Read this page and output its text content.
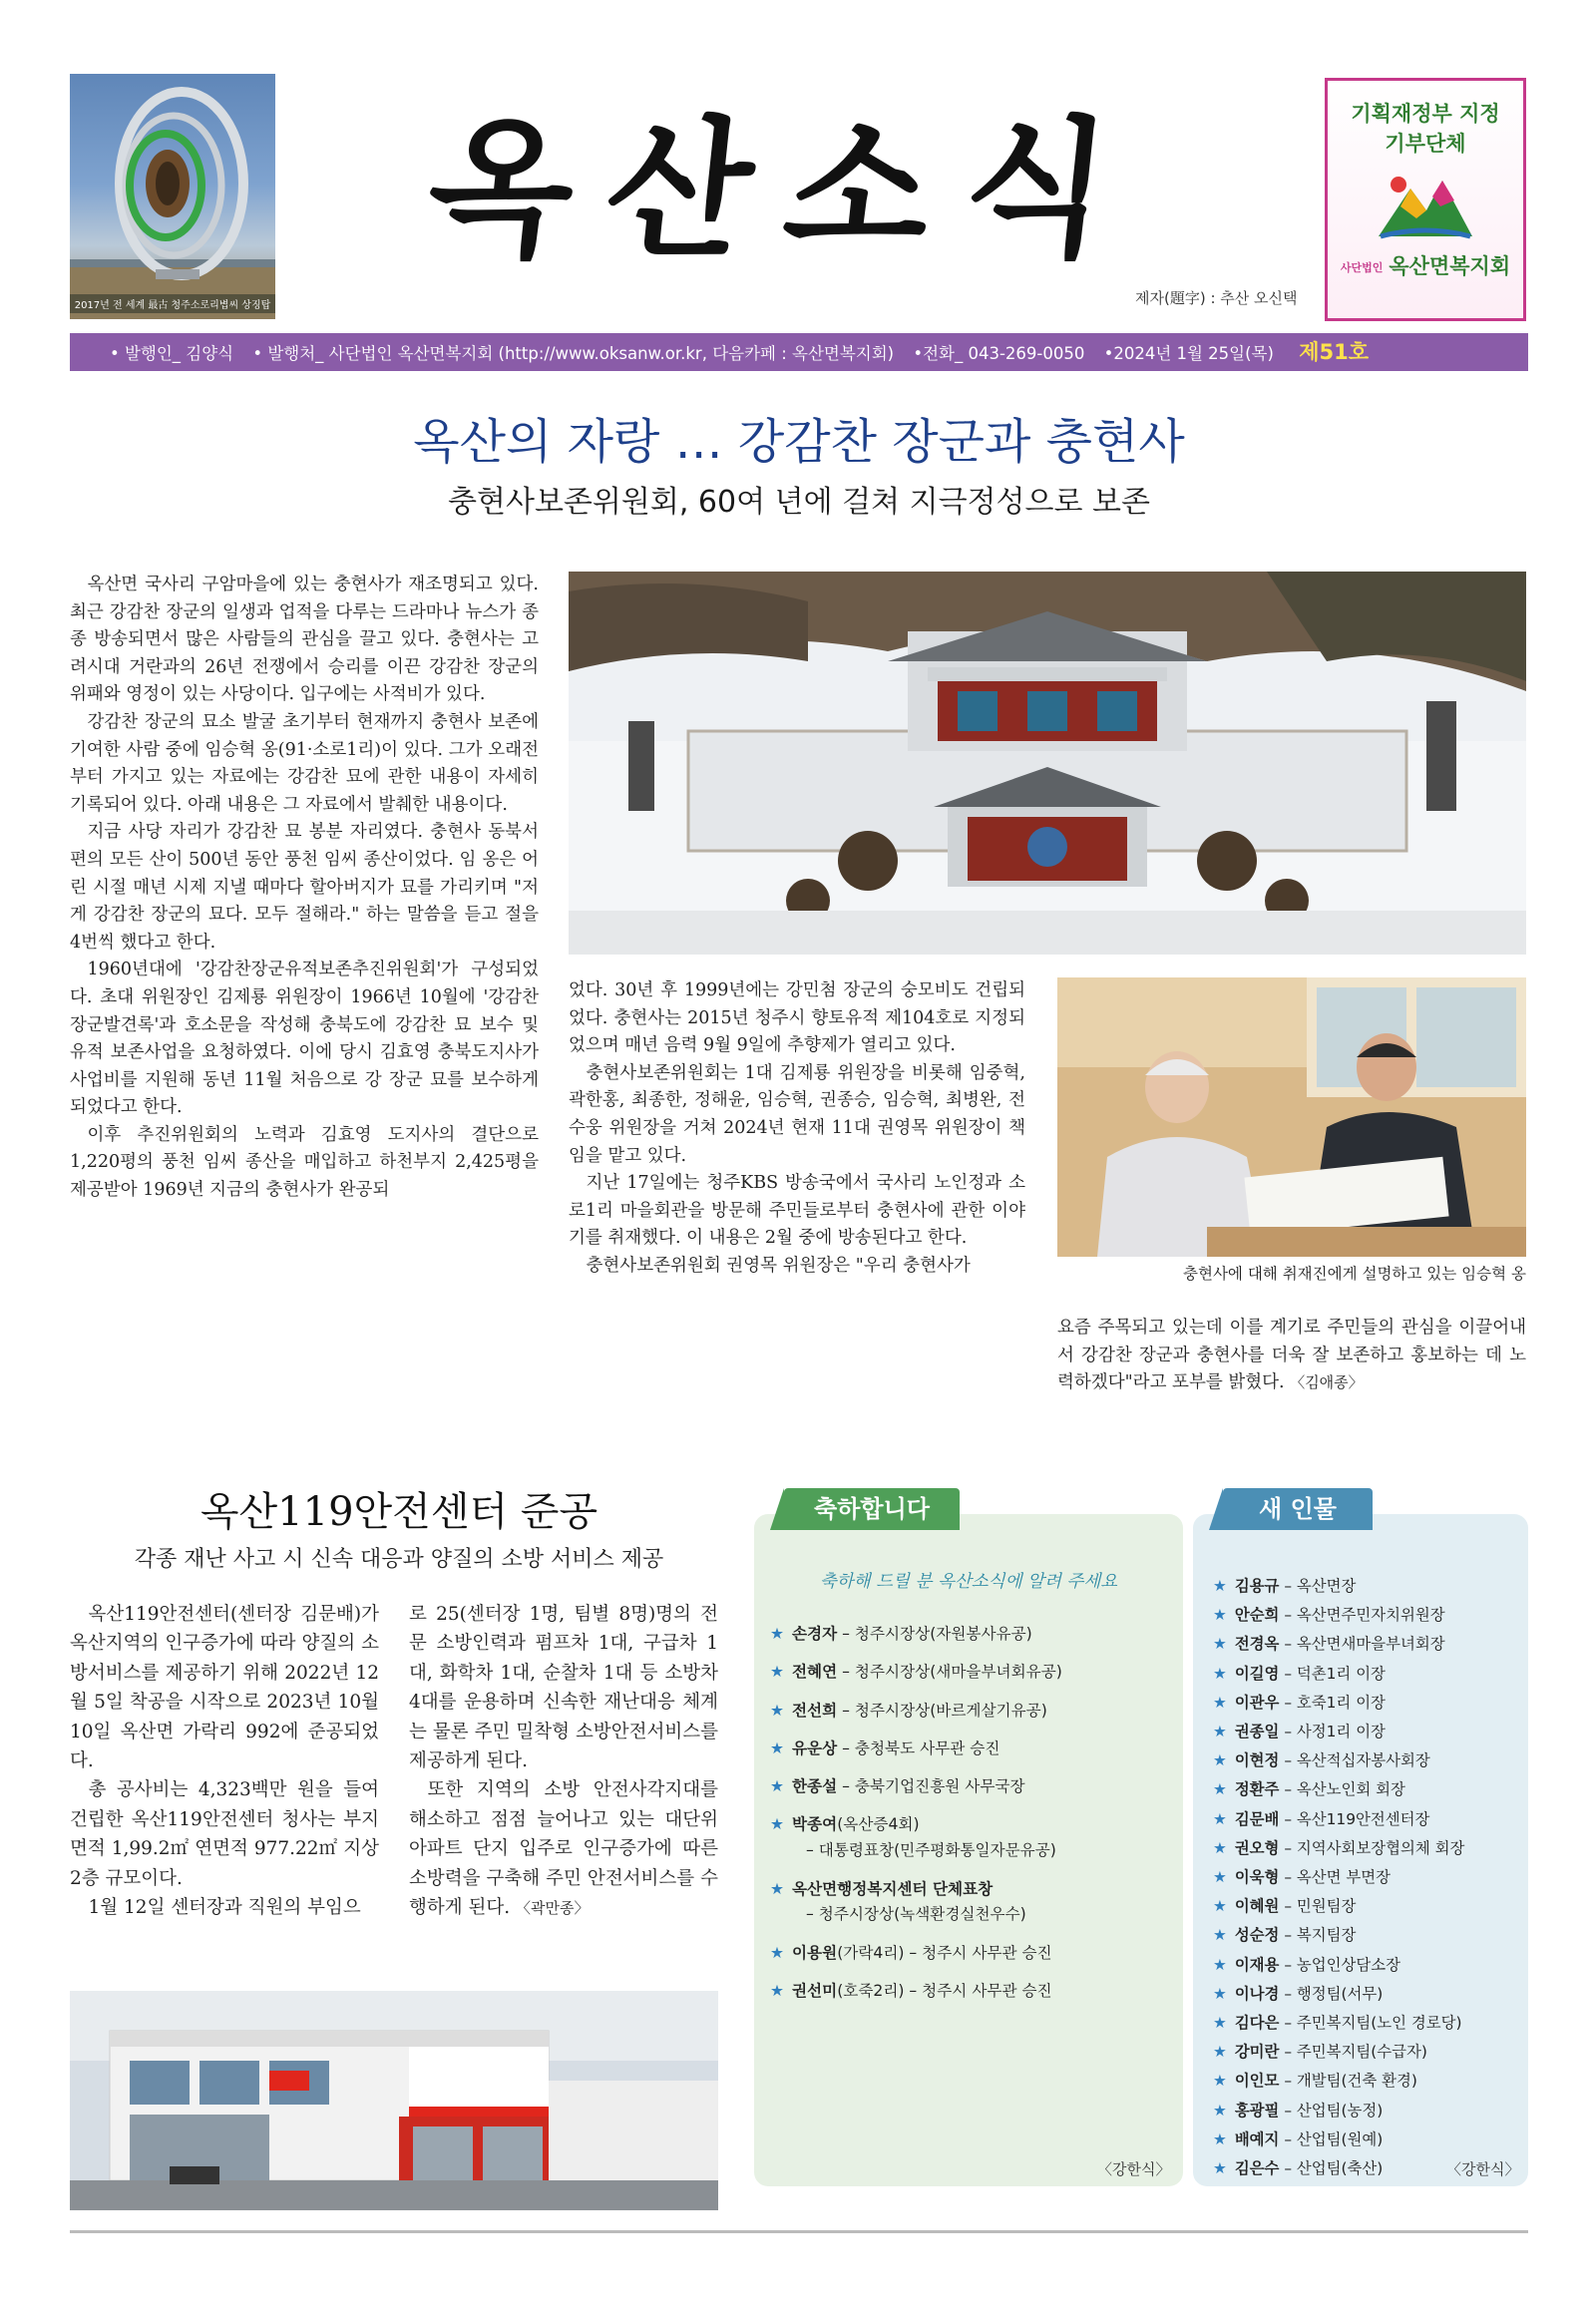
2017년 전 세계 最古 청주소로리볍씨 상징탑
옥산소식
제자(題字) : 추산 오신택
기획재정부 지정
기부단체
사단법인 옥산면복지회
• 발행인_ 김양식 • 발행처_ 사단법인 옥산면복지회 (http://www.oksanw.or.kr, 다음카페 : 옥산면복지회) •전화_ 043-269-0050 •2024년 1월 25일(목) 제51호
옥산의 자랑 … 강감찬 장군과 충현사
충현사보존위원회, 60여 년에 걸쳐 지극정성으로 보존

옥산면 국사리 구암마을에 있는 충현사가 재조명되고 있다. 최근 강감찬 장군의 일생과 업적을 다루는 드라마나 뉴스가 종종 방송되면서 많은 사람들의 관심을 끌고 있다. 충현사는 고려시대 거란과의 26년 전쟁에서 승리를 이끈 강감찬 장군의 위패와 영정이 있는 사당이다. 입구에는 사적비가 있다.

강감찬 장군의 묘소 발굴 초기부터 현재까지 충현사 보존에 기여한 사람 중에 임승혁 옹(91·소로1리)이 있다. 그가 오래전부터 가지고 있는 자료에는 강감찬 묘에 관한 내용이 자세히 기록되어 있다. 아래 내용은 그 자료에서 발췌한 내용이다.

지금 사당 자리가 강감찬 묘 봉분 자리였다. 충현사 동북서편의 모든 산이 500년 동안 풍천 임씨 종산이었다. 임 옹은 어린 시절 매년 시제 지낼 때마다 할아버지가 묘를 가리키며 "저게 강감찬 장군의 묘다. 모두 절해라." 하는 말씀을 듣고 절을 4번씩 했다고 한다.

1960년대에 '강감찬장군유적보존추진위원회'가 구성되었다. 초대 위원장인 김제룡 위원장이 1966년 10월에 '강감찬장군발견록'과 호소문을 작성해 충북도에 강감찬 묘 보수 및 유적 보존사업을 요청하였다. 이에 당시 김효영 충북도지사가 사업비를 지원해 동년 11월 처음으로 강 장군 묘를 보수하게 되었다고 한다.

이후 추진위원회의 노력과 김효영 도지사의 결단으로 1,220평의 풍천 임씨 종산을 매입하고 하천부지 2,425평을 제공받아 1969년 지금의 충현사가 완공되

었다. 30년 후 1999년에는 강민첨 장군의 숭모비도 건립되었다. 충현사는 2015년 청주시 향토유적 제104호로 지정되었으며 매년 음력 9월 9일에 추향제가 열리고 있다.

충현사보존위원회는 1대 김제룡 위원장을 비롯해 임중혁, 곽한홍, 최종한, 정해윤, 임승혁, 권종승, 임승혁, 최병완, 전수웅 위원장을 거쳐 2024년 현재 11대 권영목 위원장이 책임을 맡고 있다.

지난 17일에는 청주KBS 방송국에서 국사리 노인정과 소로1리 마을회관을 방문해 주민들로부터 충현사에 관한 이야기를 취재했다. 이 내용은 2월 중에 방송된다고 한다.

충현사보존위원회 권영목 위원장은 "우리 충현사가	충현사에 대해 취재진에게 설명하고 있는 임승혁 옹

요즘 주목되고 있는데 이를 계기로 주민들의 관심을 이끌어내서 강감찬 장군과 충현사를 더욱 잘 보존하고 홍보하는 데 노력하겠다"라고 포부를 밝혔다. 〈김애종〉

옥산119안전센터 준공
각종 재난 사고 시 신속 대응과 양질의 소방 서비스 제공

옥산119안전센터(센터장 김문배)가 옥산지역의 인구증가에 따라 양질의 소방서비스를 제공하기 위해 2022년 12월 5일 착공을 시작으로 2023년 10월 10일 옥산면 가락리 992에 준공되었다.

총 공사비는 4,323백만 원을 들여 건립한 옥산119안전센터 청사는 부지면적 1,99.2㎡ 연면적 977.22㎡ 지상2층 규모이다.

1월 12일 센터장과 직원의 부임으

로 25(센터장 1명, 팀별 8명)명의 전문 소방인력과 펌프차 1대, 구급차 1대, 화학차 1대, 순찰차 1대 등 소방차 4대를 운용하며 신속한 재난대응 체계는 물론 주민 밀착형 소방안전서비스를 제공하게 된다.

또한 지역의 소방 안전사각지대를 해소하고 점점 늘어나고 있는 대단위 아파트 단지 입주로 인구증가에 따른 소방력을 구축해 주민 안전서비스를 수행하게 된다. 〈곽만종〉

축하합니다
축하해 드릴 분 옥산소식에 알려 주세요
★ 손경자 – 청주시장상(자원봉사유공)
★ 전혜연 – 청주시장상(새마을부녀회유공)
★ 전선희 – 청주시장상(바르게살기유공)
★ 유운상 – 충청북도 사무관 승진
★ 한종설 – 충북기업진흥원 사무국장
★ 박종여(옥산증4회)
– 대통령표창(민주평화통일자문유공)
★ 옥산면행정복지센터 단체표창
– 청주시장상(녹색환경실천우수)
★ 이용원(가락4리) – 청주시 사무관 승진
★ 권선미(호죽2리) – 청주시 사무관 승진
〈강한식〉
새 인물
★ 김용규 – 옥산면장
★ 안순희 – 옥산면주민자치위원장
★ 전경옥 – 옥산면새마을부녀회장
★ 이길영 – 덕촌1리 이장
★ 이관우 – 호죽1리 이장
★ 권종일 – 사정1리 이장
★ 이현정 – 옥산적십자봉사회장
★ 정환주 – 옥산노인회 회장
★ 김문배 – 옥산119안전센터장
★ 권오형 – 지역사회보장협의체 회장
★ 이욱형 – 옥산면 부면장
★ 이혜원 – 민원팀장
★ 성순정 – 복지팀장
★ 이재용 – 농업인상담소장
★ 이나경 – 행정팀(서무)
★ 김다은 – 주민복지팀(노인 경로당)
★ 강미란 – 주민복지팀(수급자)
★ 이인모 – 개발팀(건축 환경)
★ 홍광필 – 산업팀(농정)
★ 배예지 – 산업팀(원예)
★ 김은수 – 산업팀(축산)	〈강한식〉
